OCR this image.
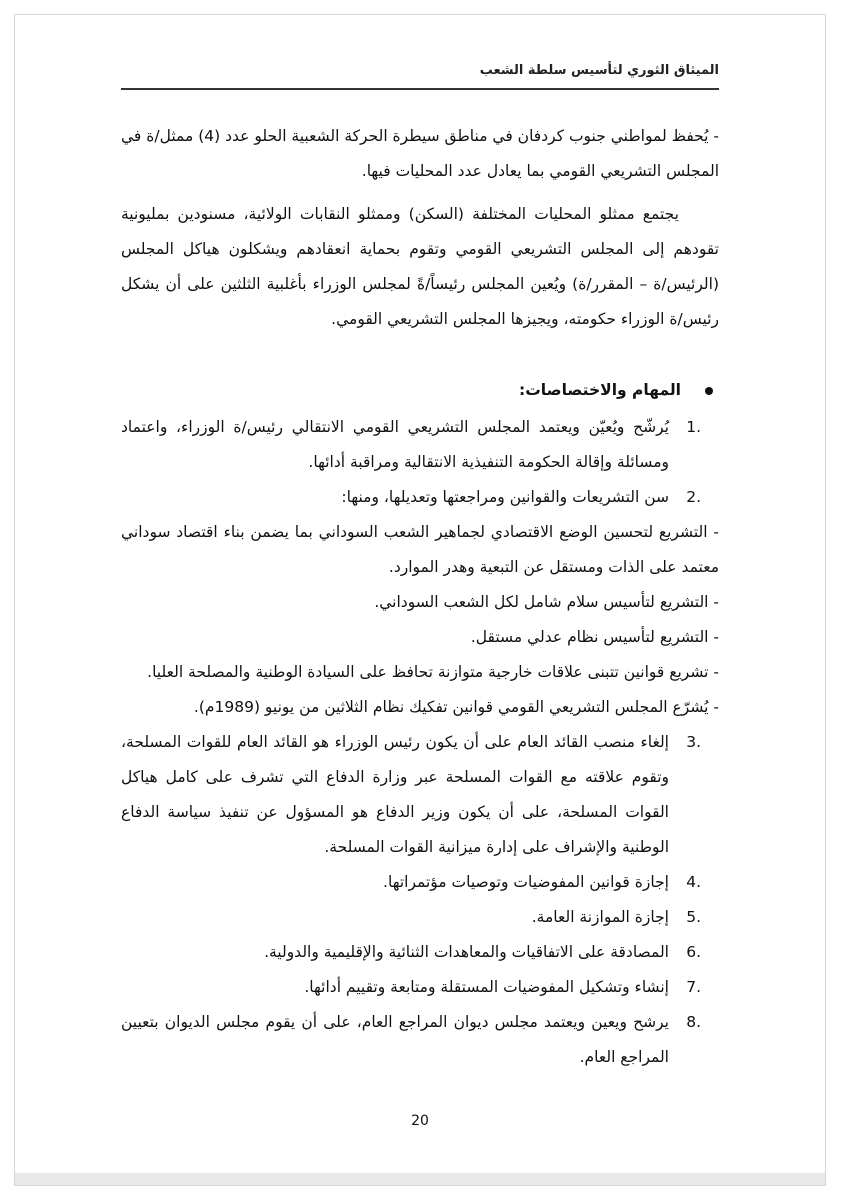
الميثاق الثوري لتأسيس سلطة الشعب

- يُحفظ لمواطني جنوب كردفان في مناطق سيطرة الحركة الشعبية الحلو عدد (4) ممثل/ة في المجلس التشريعي القومي بما يعادل عدد المحليات فيها.

يجتمع ممثلو المحليات المختلفة (السكن) وممثلو النقابات الولائية، مسنودين بمليونية تقودهم إلى المجلس التشريعي القومي وتقوم بحماية انعقادهم ويشكلون هياكل المجلس (الرئيس/ة – المقرر/ة) ويُعين المجلس رئيساً/ةً لمجلس الوزراء بأغلبية الثلثين على أن يشكل رئيس/ة الوزراء حكومته، ويجيزها المجلس التشريعي القومي.

المهام والاختصاصات:
1.
يُرشّح ويُعيّن ويعتمد المجلس التشريعي القومي الانتقالي رئيس/ة الوزراء، واعتماد ومسائلة وإقالة الحكومة التنفيذية الانتقالية ومراقبة أدائها.
2.
سن التشريعات والقوانين ومراجعتها وتعديلها، ومنها:

- التشريع لتحسين الوضع الاقتصادي لجماهير الشعب السوداني بما يضمن بناء اقتصاد سوداني معتمد على الذات ومستقل عن التبعية وهدر الموارد.

- التشريع لتأسيس سلام شامل لكل الشعب السوداني.

- التشريع لتأسيس نظام عدلي مستقل.

- تشريع قوانين تتبنى علاقات خارجية متوازنة تحافظ على السيادة الوطنية والمصلحة العليا.

- يُشرّع المجلس التشريعي القومي قوانين تفكيك نظام الثلاثين من يونيو (1989م).

3.
إلغاء منصب القائد العام على أن يكون رئيس الوزراء هو القائد العام للقوات المسلحة، وتقوم علاقته مع القوات المسلحة عبر وزارة الدفاع التي تشرف على كامل هياكل القوات المسلحة، على أن يكون وزير الدفاع هو المسؤول عن تنفيذ سياسة الدفاع الوطنية والإشراف على إدارة ميزانية القوات المسلحة.
4.
إجازة قوانين المفوضيات وتوصيات مؤتمراتها.
5.
إجازة الموازنة العامة.
6.
المصادقة على الاتفاقيات والمعاهدات الثنائية والإقليمية والدولية.
7.
إنشاء وتشكيل المفوضيات المستقلة ومتابعة وتقييم أدائها.
8.
يرشح ويعين ويعتمد مجلس ديوان المراجع العام، على أن يقوم مجلس الديوان بتعيين المراجع العام.
20
